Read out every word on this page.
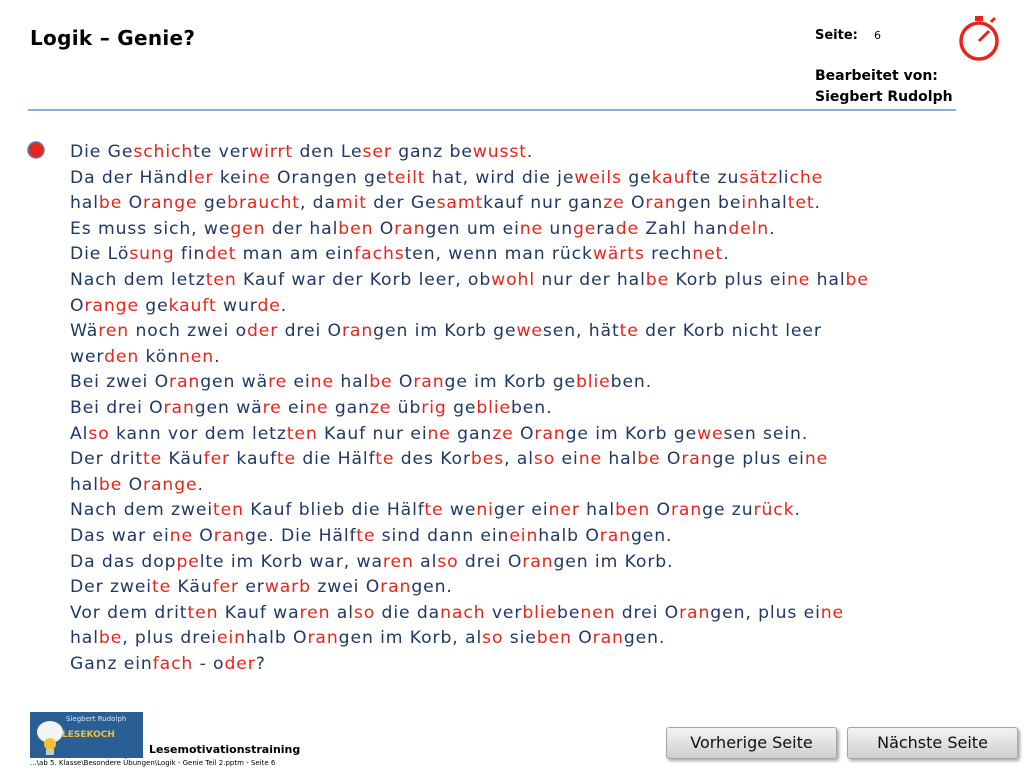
Logik – Genie?	Seite: 6
Bearbeitet von:
Siegbert Rudolph
Die Geschichte verwirrt den Leser ganz bewusst.
Da der Händler keine Orangen geteilt hat, wird die jeweils gekaufte zusätzliche
halbe Orange gebraucht, damit der Gesamtkauf nur ganze Orangen beinhaltet.
Es muss sich, wegen der halben Orangen um eine ungerade Zahl handeln.
Die Lösung findet man am einfachsten, wenn man rückwärts rechnet.
Nach dem letzten Kauf war der Korb leer, obwohl nur der halbe Korb plus eine halbe
Orange gekauft wurde.
Wären noch zwei oder drei Orangen im Korb gewesen, hätte der Korb nicht leer
werden können.
Bei zwei Orangen wäre eine halbe Orange im Korb geblieben.
Bei drei Orangen wäre eine ganze übrig geblieben.
Also kann vor dem letzten Kauf nur eine ganze Orange im Korb gewesen sein.
Der dritte Käufer kaufte die Hälfte des Korbes, also eine halbe Orange plus eine
halbe Orange.
Nach dem zweiten Kauf blieb die Hälfte weniger einer halben Orange zurück.
Das war eine Orange. Die Hälfte sind dann eineinhalb Orangen.
Da das doppelte im Korb war, waren also drei Orangen im Korb.
Der zweite Käufer erwarb zwei Orangen.
Vor dem dritten Kauf waren also die danach verbliebenen drei Orangen, plus eine
halbe, plus dreieinhalb Orangen im Korb, also sieben Orangen.
Ganz einfach - oder?
Siegbert Rudolph
LESEKOCH
Lesemotivationstraining
...\ab 5. Klasse\Besondere Übungen\Logik - Genie Teil 2.pptm - Seite 6
Vorherige Seite	Nächste Seite
